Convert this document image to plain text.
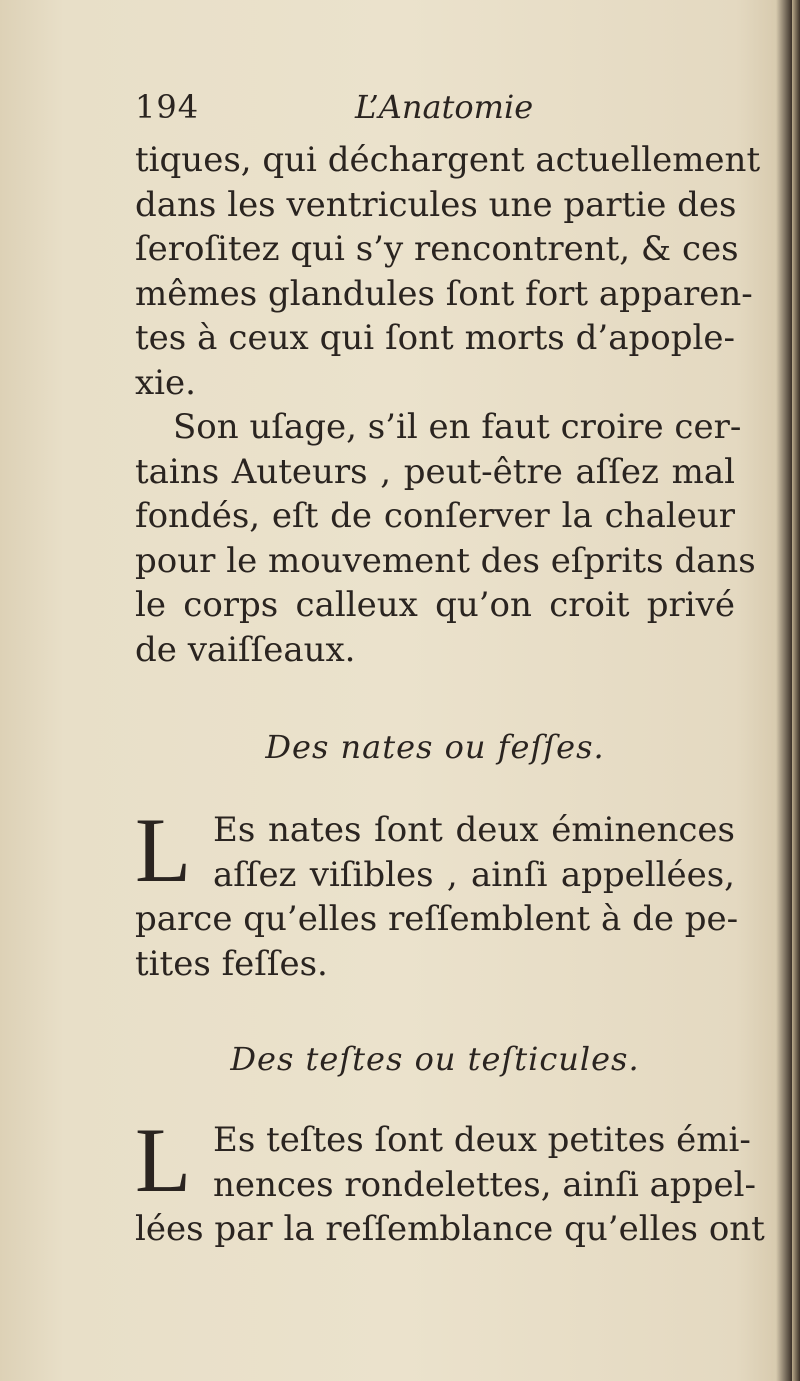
194	L’Anatomie
tiques, qui déchargent actuellement
dans les ventricules une partie des
ſeroſitez qui s’y rencontrent, & ces
mêmes glandules ſont fort apparen-
tes à ceux qui ſont morts d’apople-
xie.
Son uſage, s’il en faut croire cer-
tains Auteurs , peut-être aſſez mal
fondés, eſt de conſerver la chaleur
pour le mouvement des eſprits dans
le corps calleux qu’on croit privé
de vaiſſeaux.
Des nates ou feſſes.
L Es nates ſont deux éminences
aſſez viſibles , ainſi appellées,
parce qu’elles reſſemblent à de pe-
tites feſſes.
Des teſtes ou teſticules.
L Es teſtes ſont deux petites émi-
nences rondelettes, ainſi appel-
lées par la reſſemblance qu’elles ont
